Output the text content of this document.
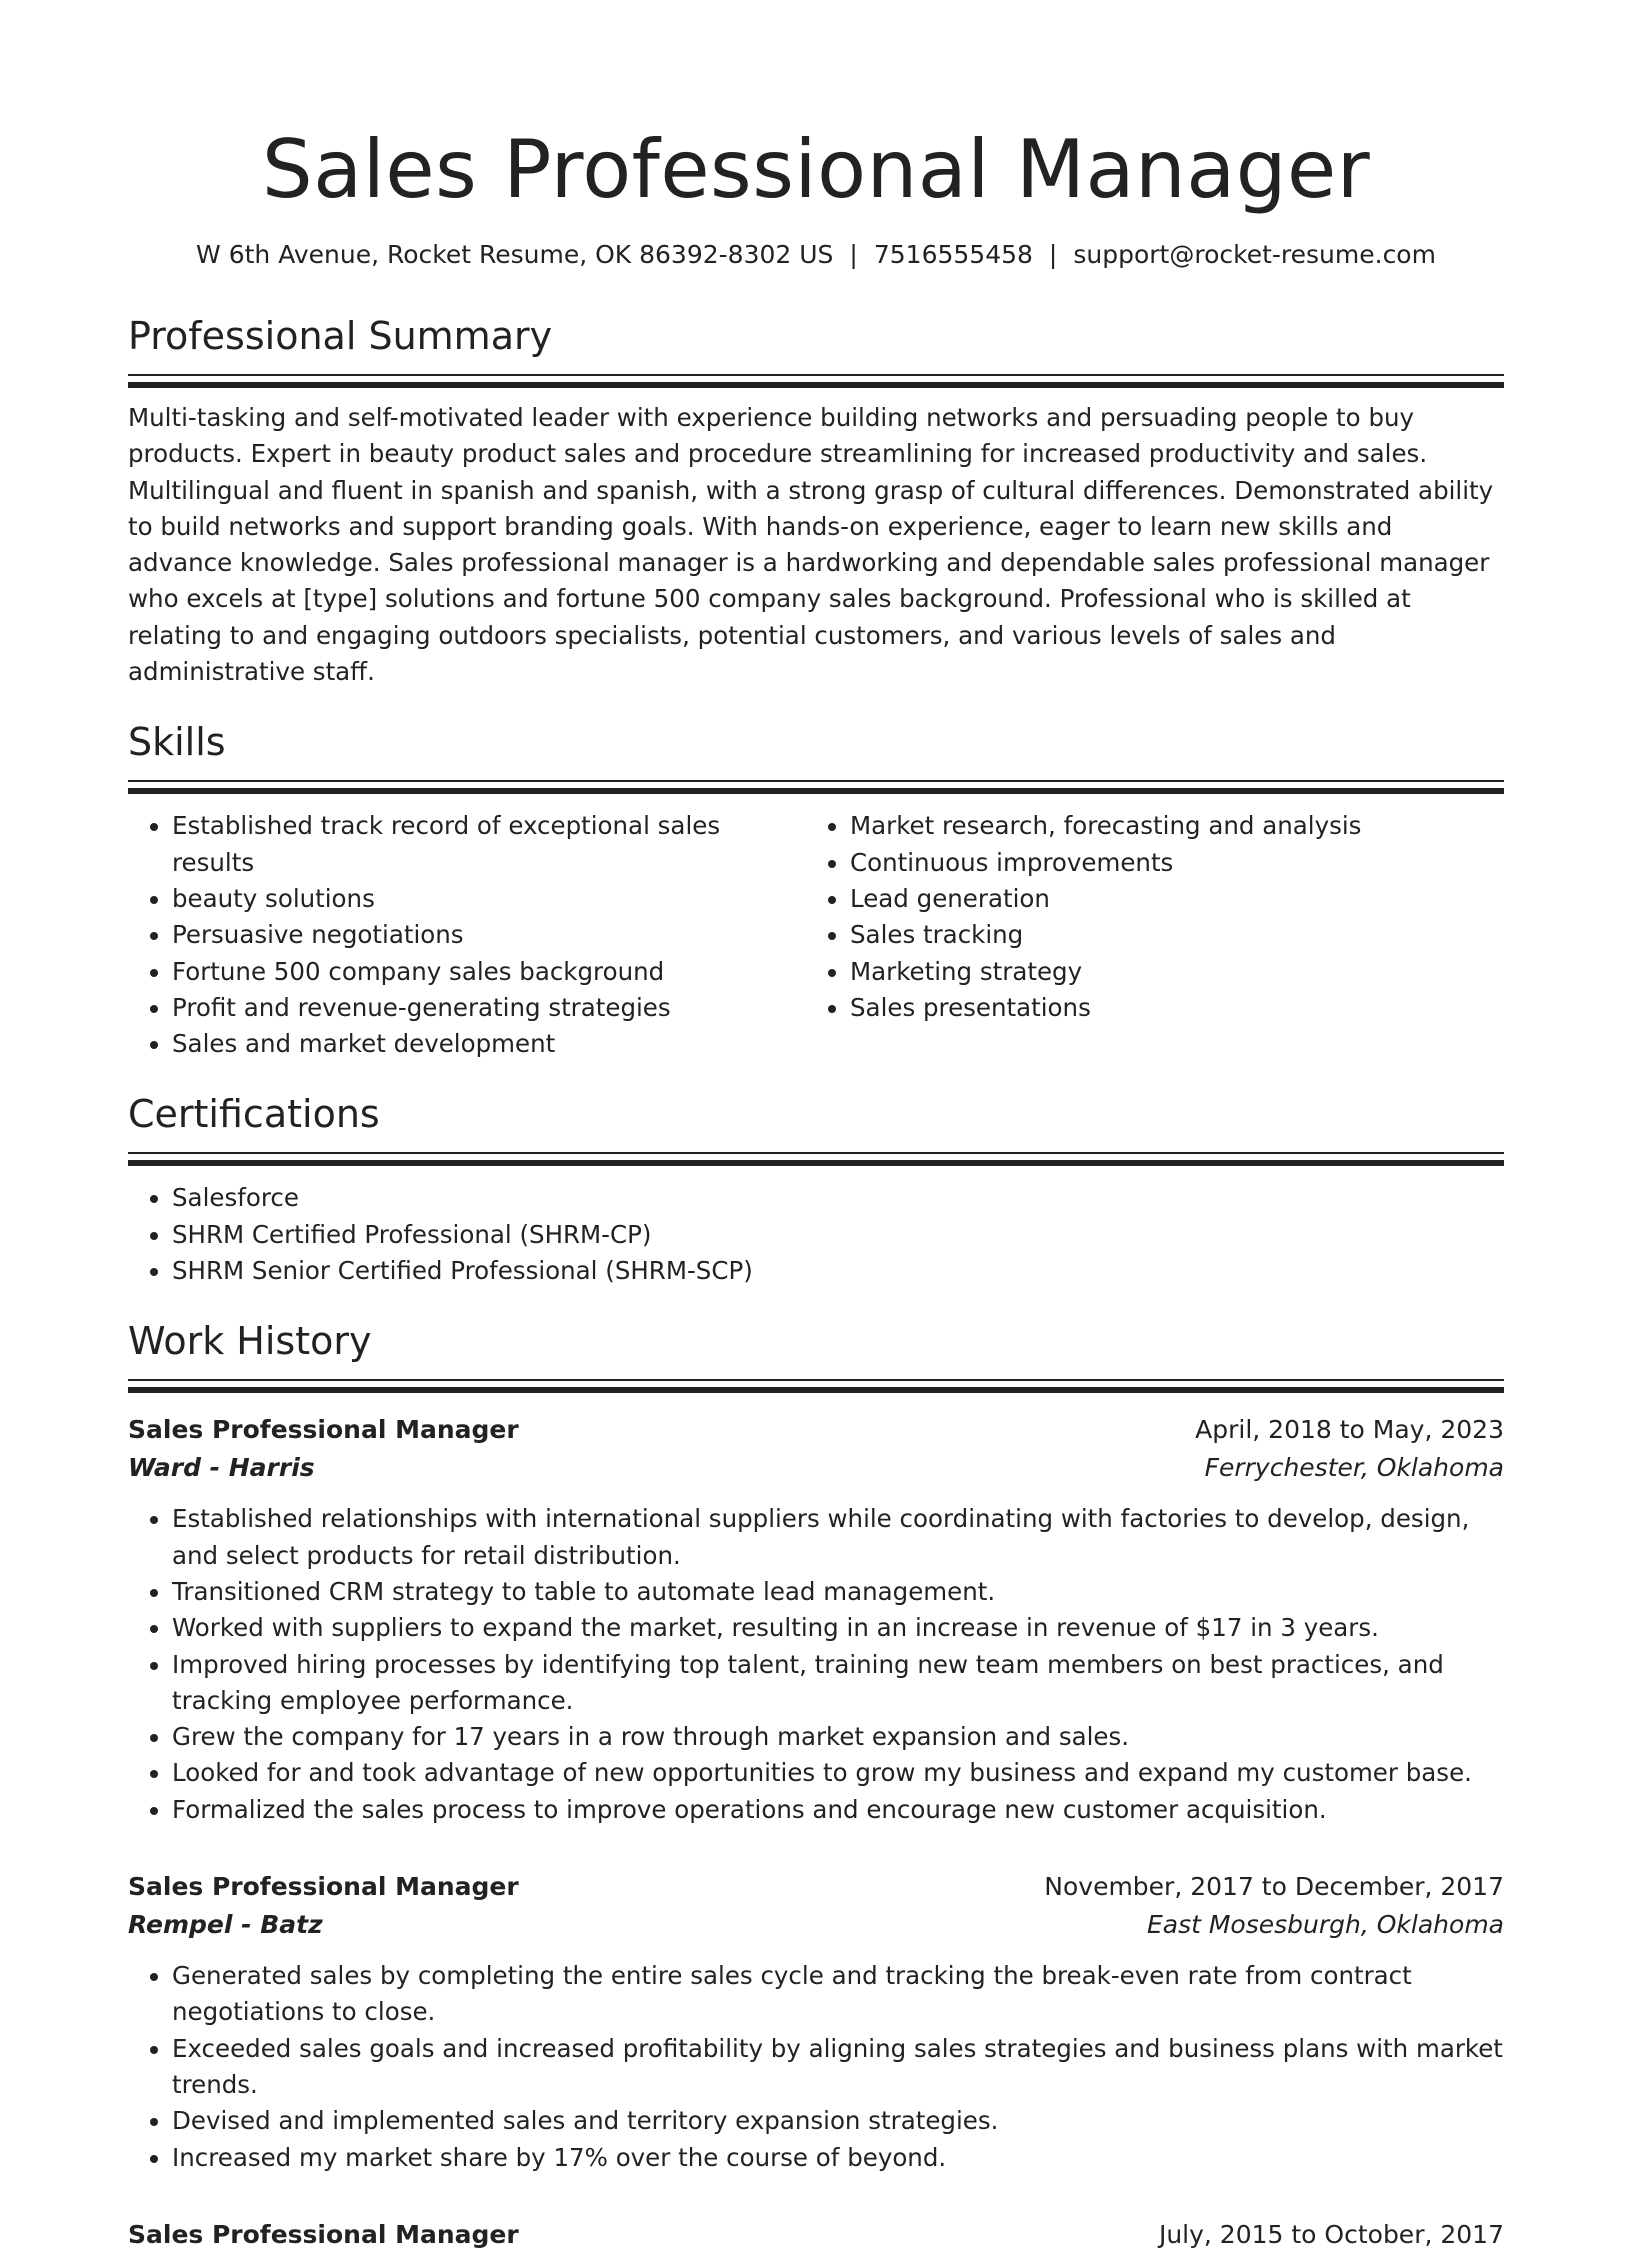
Sales Professional Manager
W 6th Avenue, Rocket Resume, OK 86392-8302 US | 7516555458 | support@rocket-resume.com
Professional Summary

Multi-tasking and self-motivated leader with experience building networks and persuading people to buy products. Expert in beauty product sales and procedure streamlining for increased productivity and sales. Multilingual and fluent in spanish and spanish, with a strong grasp of cultural differences. Demonstrated ability to build networks and support branding goals. With hands-on experience, eager to learn new skills and advance knowledge. Sales professional manager is a hardworking and dependable sales professional manager who excels at [type] solutions and fortune 500 company sales background. Professional who is skilled at relating to and engaging outdoors specialists, potential customers, and various levels of sales and administrative staff.

Skills
• Established track record of exceptional sales results
• beauty solutions
• Persuasive negotiations
• Fortune 500 company sales background
• Profit and revenue-generating strategies
• Sales and market development
• Market research, forecasting and analysis
• Continuous improvements
• Lead generation
• Sales tracking
• Marketing strategy
• Sales presentations
Certifications
• Salesforce
• SHRM Certified Professional (SHRM-CP)
• SHRM Senior Certified Professional (SHRM-SCP)
Work History
Sales Professional Manager	April, 2018 to May, 2023
Ward - Harris	Ferrychester, Oklahoma
• Established relationships with international suppliers while coordinating with factories to develop, design, and select products for retail distribution.
• Transitioned CRM strategy to table to automate lead management.
• Worked with suppliers to expand the market, resulting in an increase in revenue of $17 in 3 years.
• Improved hiring processes by identifying top talent, training new team members on best practices, and tracking employee performance.
• Grew the company for 17 years in a row through market expansion and sales.
• Looked for and took advantage of new opportunities to grow my business and expand my customer base.
• Formalized the sales process to improve operations and encourage new customer acquisition.
Sales Professional Manager	November, 2017 to December, 2017
Rempel - Batz	East Mosesburgh, Oklahoma
• Generated sales by completing the entire sales cycle and tracking the break-even rate from contract negotiations to close.
• Exceeded sales goals and increased profitability by aligning sales strategies and business plans with market trends.
• Devised and implemented sales and territory expansion strategies.
• Increased my market share by 17% over the course of beyond.
Sales Professional Manager	July, 2015 to October, 2017
